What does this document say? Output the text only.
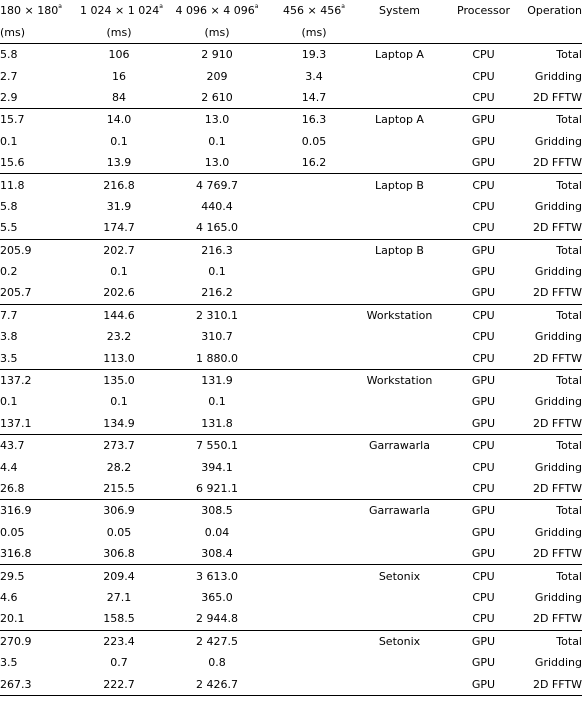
$180 \times 180^a$	1 024 × 1 024$^a$	4 096 × 4 096$^a$	$456 \times 456^a$	System	Processor	Operation
(ms)	(ms)	(ms)	(ms)			
5.8	106	2 910	19.3	Laptop A	CPU	Total
2.7	16	209	3.4		CPU	Gridding
2.9	84	2 610	14.7		CPU	2D FFTW
15.7	14.0	13.0	16.3	Laptop A	GPU	Total
0.1	0.1	0.1	0.05		GPU	Gridding
15.6	13.9	13.0	16.2		GPU	2D FFTW
11.8	216.8	4 769.7		Laptop B	CPU	Total
5.8	31.9	440.4			CPU	Gridding
5.5	174.7	4 165.0			CPU	2D FFTW
205.9	202.7	216.3		Laptop B	GPU	Total
0.2	0.1	0.1			GPU	Gridding
205.7	202.6	216.2			GPU	2D FFTW
7.7	144.6	2 310.1		Workstation	CPU	Total
3.8	23.2	310.7			CPU	Gridding
3.5	113.0	1 880.0			CPU	2D FFTW
137.2	135.0	131.9		Workstation	GPU	Total
0.1	0.1	0.1			GPU	Gridding
137.1	134.9	131.8			GPU	2D FFTW
43.7	273.7	7 550.1		Garrawarla	CPU	Total
4.4	28.2	394.1			CPU	Gridding
26.8	215.5	6 921.1			CPU	2D FFTW
316.9	306.9	308.5		Garrawarla	GPU	Total
0.05	0.05	0.04			GPU	Gridding
316.8	306.8	308.4			GPU	2D FFTW
29.5	209.4	3 613.0		Setonix	CPU	Total
4.6	27.1	365.0			CPU	Gridding
20.1	158.5	2 944.8			CPU	2D FFTW
270.9	223.4	2 427.5		Setonix	GPU	Total
3.5	0.7	0.8			GPU	Gridding
267.3	222.7	2 426.7			GPU	2D FFTW
